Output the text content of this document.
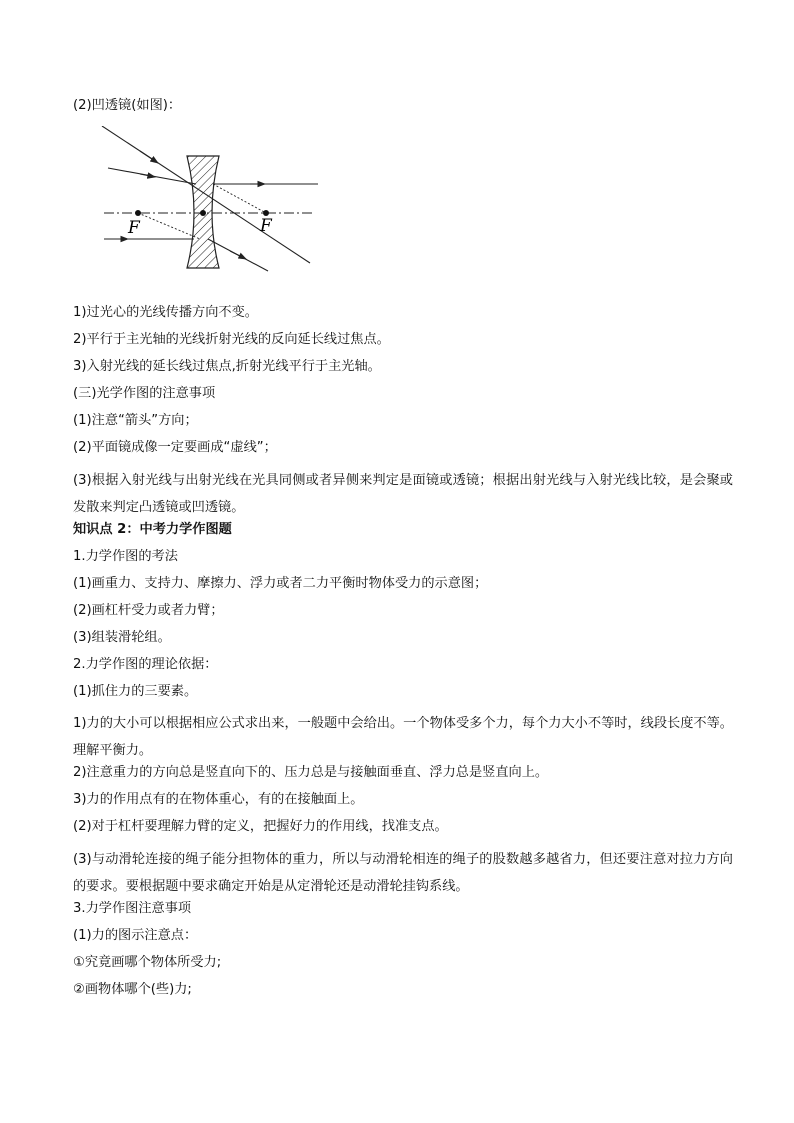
(2)凹透镜(如图)：
F	F
1)过光心的光线传播方向不变。
2)平行于主光轴的光线折射光线的反向延长线过焦点。
3)入射光线的延长线过焦点,折射光线平行于主光轴。
(三)光学作图的注意事项
(1)注意“箭头”方向；
(2)平面镜成像一定要画成“虚线”；
(3)根据入射光线与出射光线在光具同侧或者异侧来判定是面镜或透镜；根据出射光线与入射光线比较，是会聚或发散来判定凸透镜或凹透镜。
知识点 2：中考力学作图题
1.力学作图的考法
(1)画重力、支持力、摩擦力、浮力或者二力平衡时物体受力的示意图；
(2)画杠杆受力或者力臂；
(3)组装滑轮组。
2.力学作图的理论依据：
(1)抓住力的三要素。
1)力的大小可以根据相应公式求出来，一般题中会给出。一个物体受多个力，每个力大小不等时，线段长度不等。理解平衡力。
2)注意重力的方向总是竖直向下的、压力总是与接触面垂直、浮力总是竖直向上。
3)力的作用点有的在物体重心，有的在接触面上。
(2)对于杠杆要理解力臂的定义，把握好力的作用线，找准支点。
(3)与动滑轮连接的绳子能分担物体的重力，所以与动滑轮相连的绳子的股数越多越省力，但还要注意对拉力方向的要求。要根据题中要求确定开始是从定滑轮还是动滑轮挂钩系线。
3.力学作图注意事项
(1)力的图示注意点：
①究竟画哪个物体所受力;
②画物体哪个(些)力;
